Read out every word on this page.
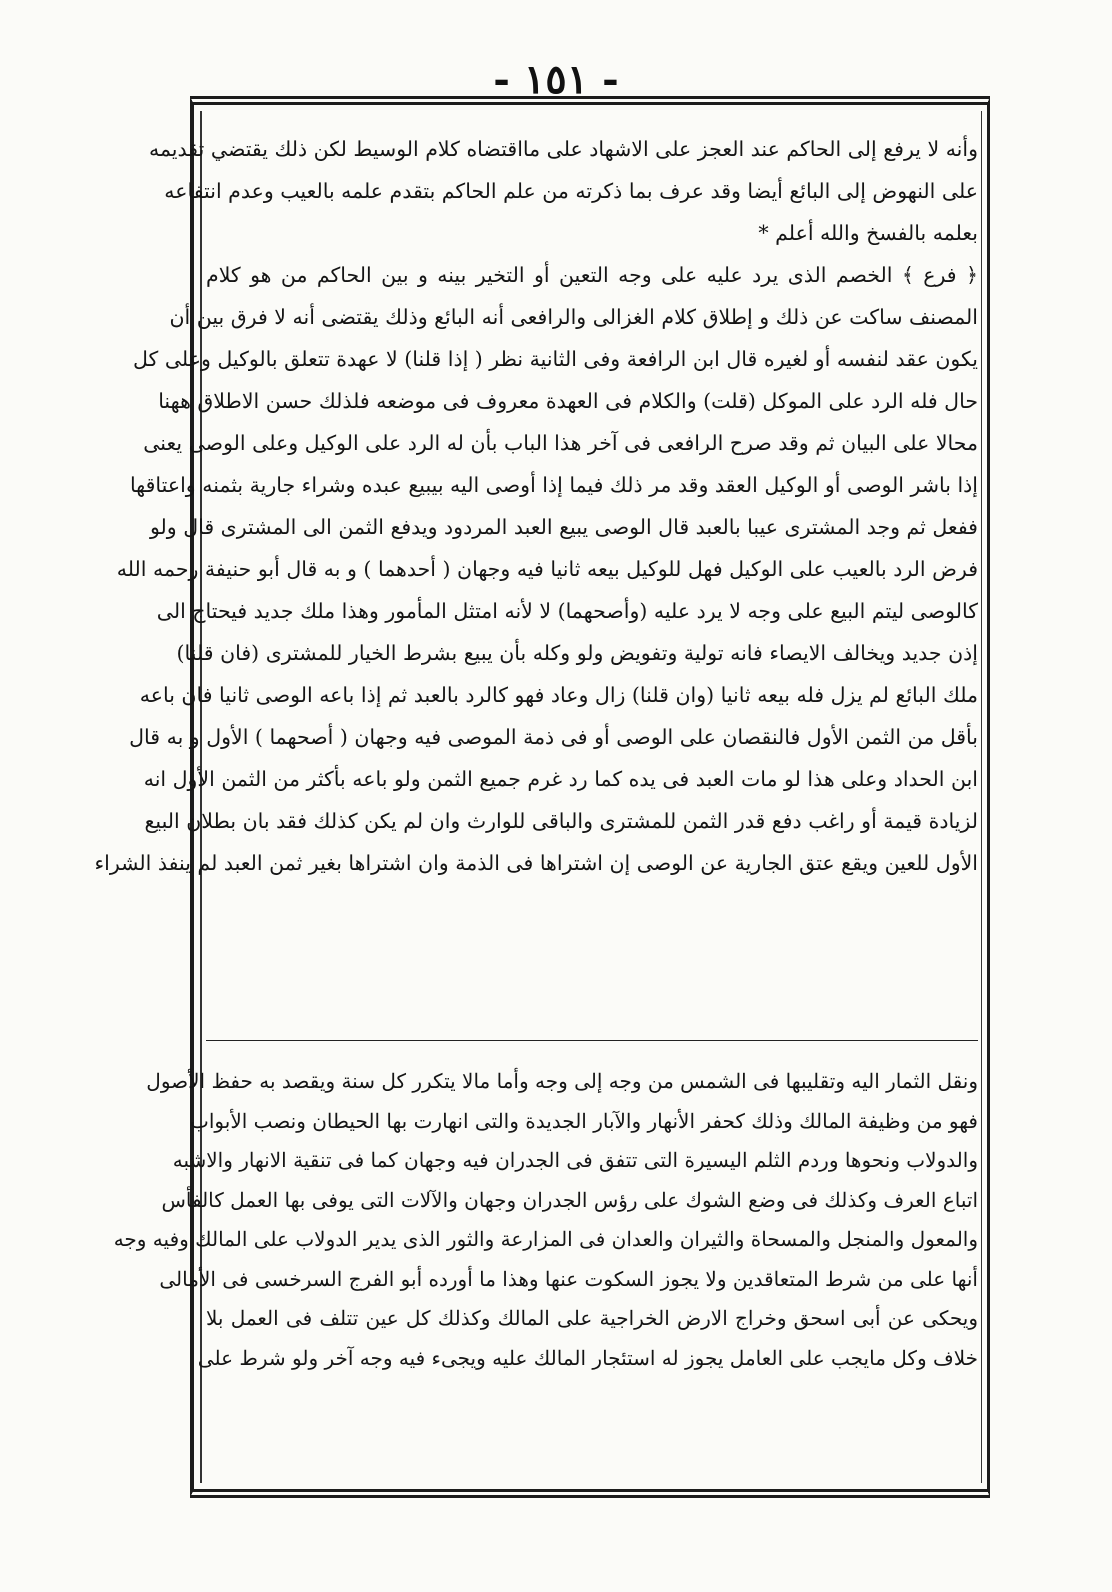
- ١٥١ -
وأنه لا يرفع إلى الحاكم عند العجز على الاشهاد على مااقتضاه كلام الوسيط لكن ذلك يقتضي تقديمه
على النهوض إلى البائع أيضا وقد عرف بما ذكرته من علم الحاكم بتقدم علمه بالعيب وعدم انتفاعه
بعلمه بالفسخ والله أعلم *
﴿ فرع ﴾ الخصم الذى يرد عليه على وجه التعين أو التخير بينه و بين الحاكم من هو كلام
المصنف ساكت عن ذلك و إطلاق كلام الغزالى والرافعى أنه البائع وذلك يقتضى أنه لا فرق بين أن
يكون عقد لنفسه أو لغيره قال ابن الرافعة وفى الثانية نظر ( إذا قلنا) لا عهدة تتعلق بالوكيل وعلى كل
حال فله الرد على الموكل (قلت) والكلام فى العهدة معروف فى موضعه فلذلك حسن الاطلاق ههنا
محالا على البيان ثم وقد صرح الرافعى فى آخر هذا الباب بأن له الرد على الوكيل وعلى الوصى يعنى
إذا باشر الوصى أو الوكيل العقد وقد مر ذلك فيما إذا أوصى اليه بيبيع عبده وشراء جارية بثمنه واعتاقها
ففعل ثم وجد المشترى عيبا بالعبد قال الوصى يبيع العبد المردود ويدفع الثمن الى المشترى قال ولو
فرض الرد بالعيب على الوكيل فهل للوكيل بيعه ثانيا فيه وجهان ( أحدهما ) و به قال أبو حنيفة رحمه الله
كالوصى ليتم البيع على وجه لا يرد عليه (وأصحهما) لا لأنه امتثل المأمور وهذا ملك جديد فيحتاج الى
إذن جديد ويخالف الايصاء فانه تولية وتفويض ولو وكله بأن يبيع بشرط الخيار للمشترى (فان قلنا)
ملك البائع لم يزل فله بيعه ثانيا (وان قلنا) زال وعاد فهو كالرد بالعبد ثم إذا باعه الوصى ثانيا فان باعه
بأقل من الثمن الأول فالنقصان على الوصى أو فى ذمة الموصى فيه وجهان ( أصحهما ) الأول و به قال
ابن الحداد وعلى هذا لو مات العبد فى يده كما رد غرم جميع الثمن ولو باعه بأكثر من الثمن الأول انه
لزيادة قيمة أو راغب دفع قدر الثمن للمشترى والباقى للوارث وان لم يكن كذلك فقد بان بطلان البيع
الأول للعين ويقع عتق الجارية عن الوصى إن اشتراها فى الذمة وان اشتراها بغير ثمن العبد لم ينفذ الشراء
ونقل الثمار اليه وتقليبها فى الشمس من وجه إلى وجه وأما مالا يتكرر كل سنة ويقصد به حفظ الأصول
فهو من وظيفة المالك وذلك كحفر الأنهار والآبار الجديدة والتى انهارت بها الحيطان ونصب الأبواب
والدولاب ونحوها وردم الثلم اليسيرة التى تتفق فى الجدران فيه وجهان كما فى تنقية الانهار والاشبه
اتباع العرف وكذلك فى وضع الشوك على رؤس الجدران وجهان والآلات التى يوفى بها العمل كالفأس
والمعول والمنجل والمسحاة والثيران والعدان فى المزارعة والثور الذى يدير الدولاب على المالك وفيه وجه
أنها على من شرط المتعاقدين ولا يجوز السكوت عنها وهذا ما أورده أبو الفرج السرخسى فى الأمالى
ويحكى عن أبى اسحق وخراج الارض الخراجية على المالك وكذلك كل عين تتلف فى العمل بلا
خلاف وكل مايجب على العامل يجوز له استئجار المالك عليه ويجىء فيه وجه آخر ولو شرط على
